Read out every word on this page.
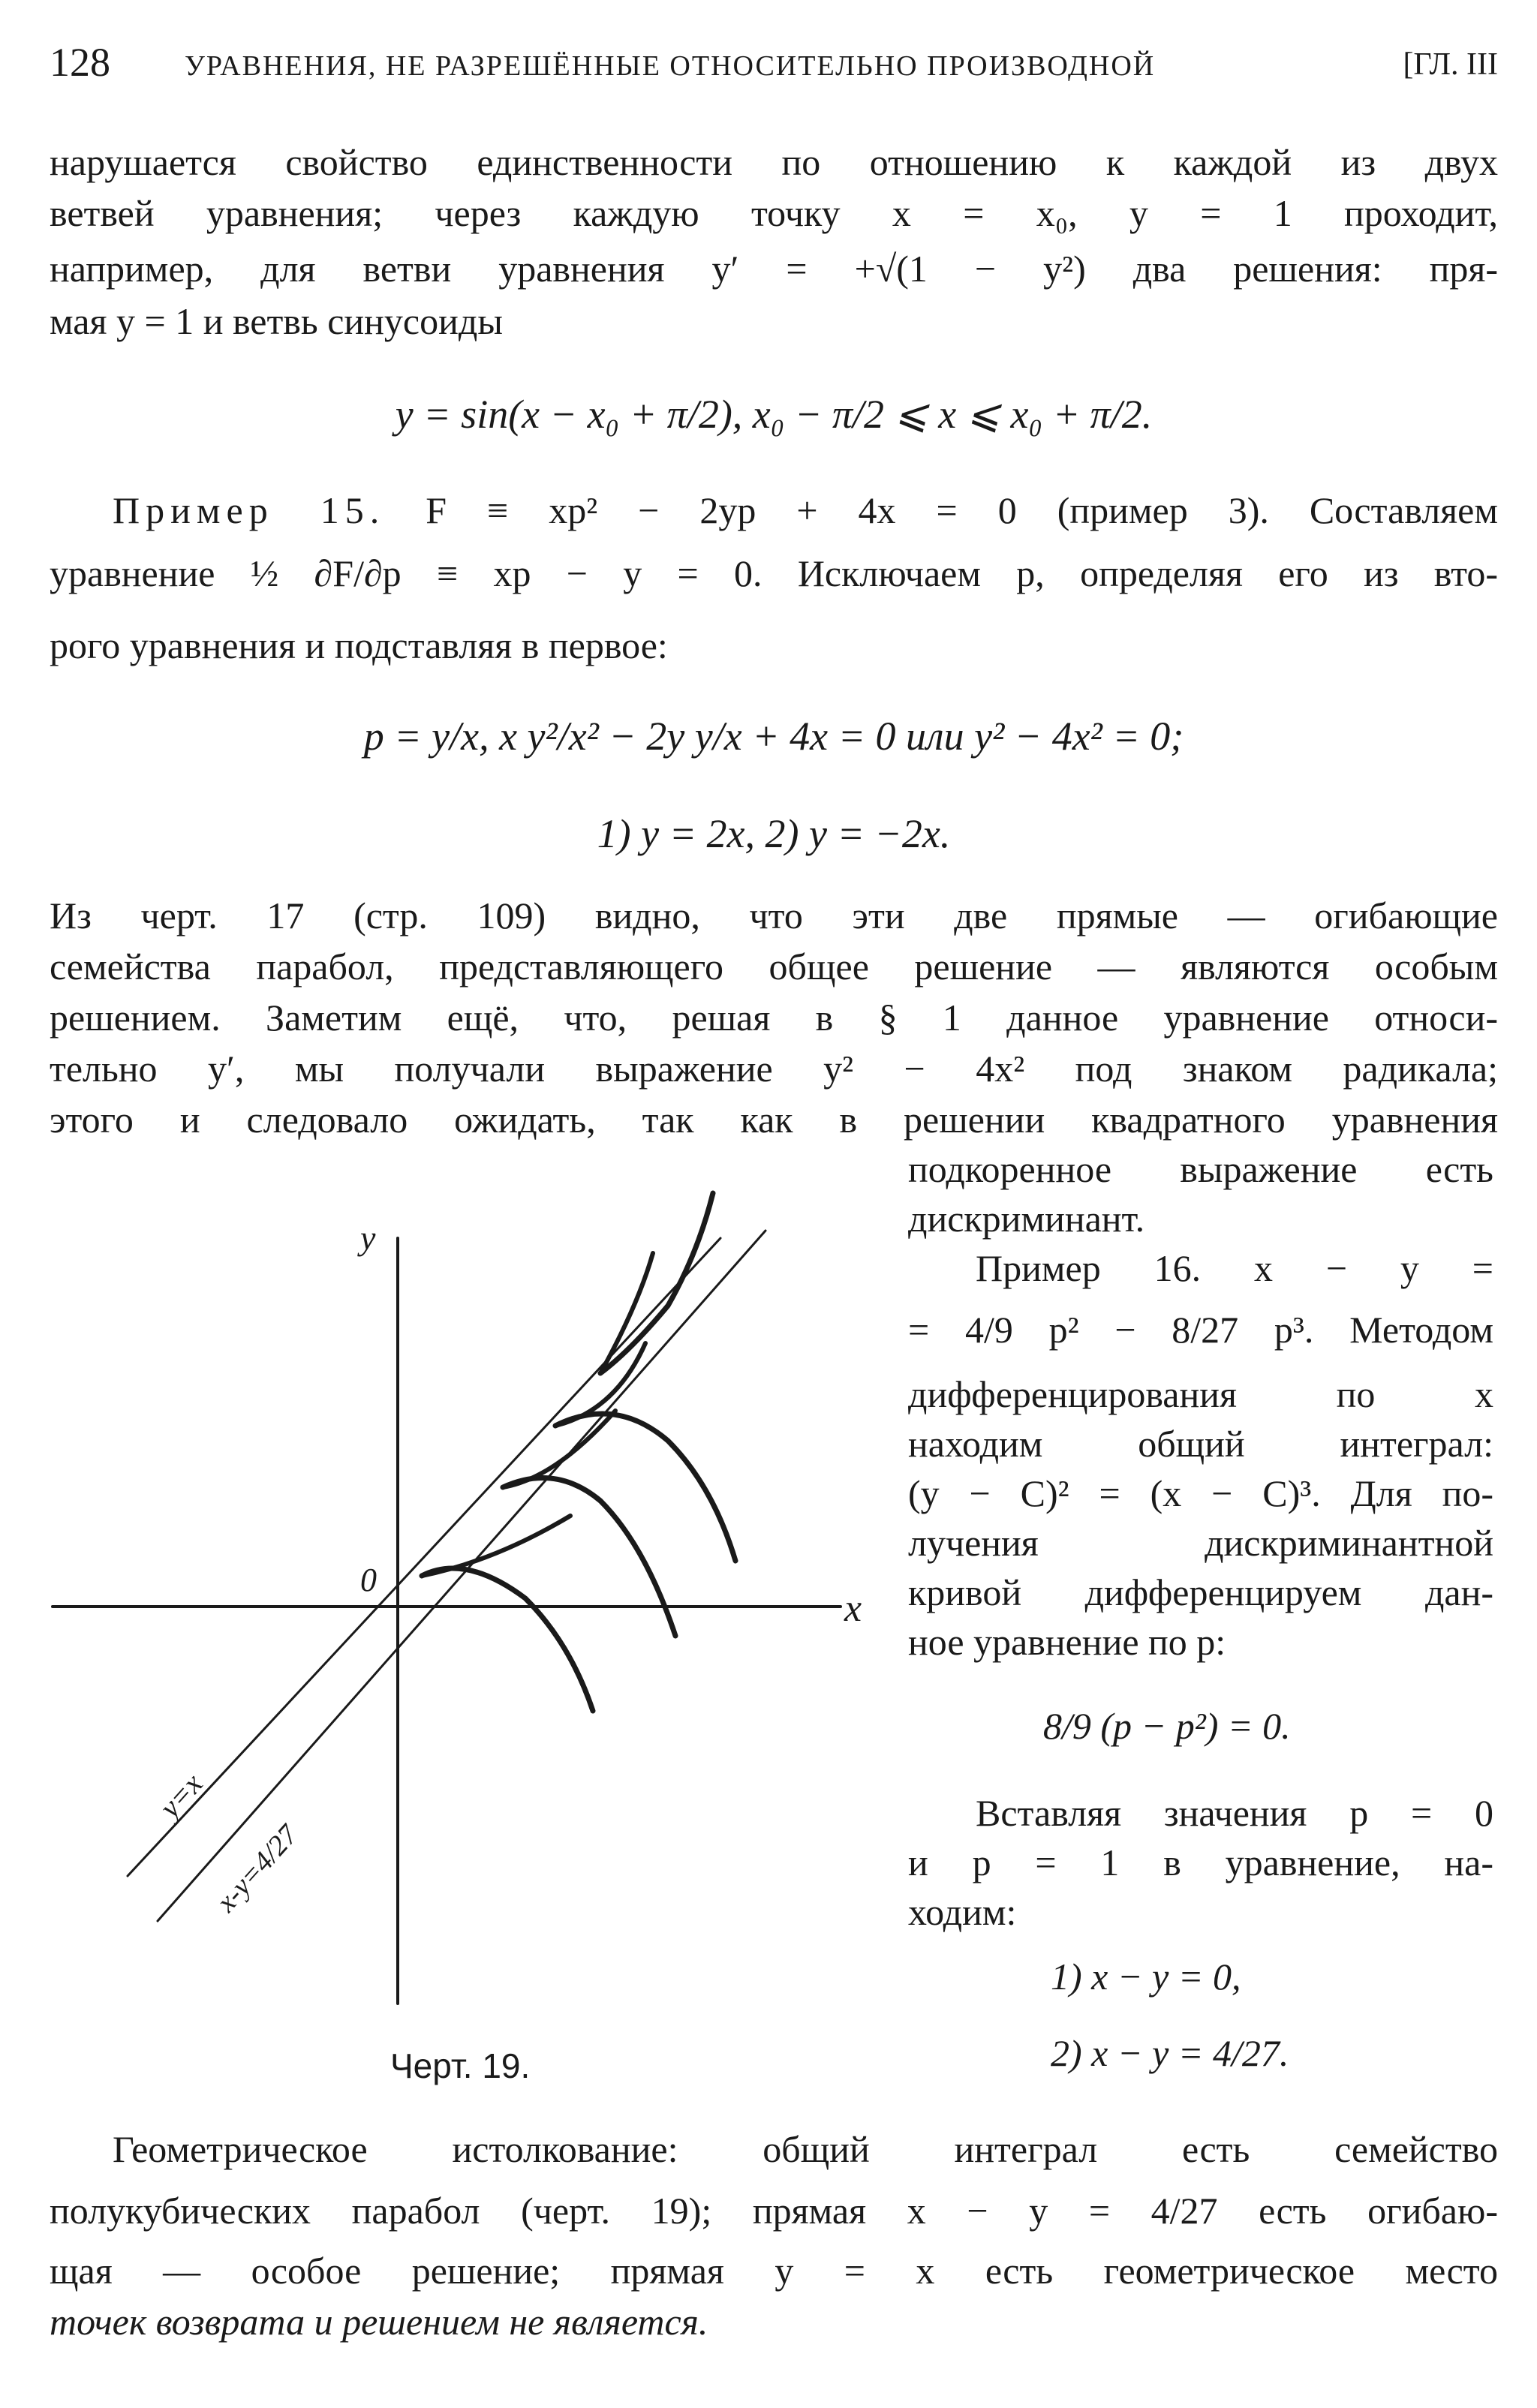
128	УРАВНЕНИЯ, НЕ РАЗРЕШЁННЫЕ ОТНОСИТЕЛЬНО ПРОИЗВОДНОЙ	[ГЛ. III
нарушается свойство единственности по отношению к каждой из двух
ветвей уравнения; через каждую точку x = x₀, y = 1 проходит,
например, для ветви уравнения y′ = +√(1 − y²) два решения: пря-
мая y = 1 и ветвь синусоиды
y = sin(x − x₀ + π/2), x₀ − π/2 ⩽ x ⩽ x₀ + π/2.
Пример 15. F ≡ xp² − 2yp + 4x = 0 (пример 3). Составляем
уравнение ½ ∂F/∂p ≡ xp − y = 0. Исключаем p, определяя его из вто-
рого уравнения и подставляя в первое:
p = y/x, x y²/x² − 2y y/x + 4x = 0 или y² − 4x² = 0;
1) y = 2x, 2) y = −2x.
Из черт. 17 (стр. 109) видно, что эти две прямые — огибающие
семейства парабол, представляющего общее решение — являются особым
решением. Заметим ещё, что, решая в § 1 данное уравнение относи-
тельно y′, мы получали выражение y² − 4x² под знаком радикала;
этого и следовало ожидать, так как в решении квадратного уравнения
подкоренное выражение есть
дискриминант.
Пример 16. x − y =
= 4/9 p² − 8/27 p³. Методом
дифференцирования по x
находим общий интеграл:
(y − C)² = (x − C)³. Для по-
лучения дискриминантной
кривой дифференцируем дан-
ное уравнение по p:
8/9 (p − p²) = 0.
Вставляя значения p = 0
и p = 1 в уравнение, на-
ходим:
1) x − y = 0,
2) x − y = 4/27.
y
x
0
y=x
x-y=4/27
Черт. 19.
Геометрическое истолкование: общий интеграл есть семейство
полукубических парабол (черт. 19); прямая x − y = 4/27 есть огибаю-
щая — особое решение; прямая y = x есть геометрическое место
точек возврата и решением не является.
